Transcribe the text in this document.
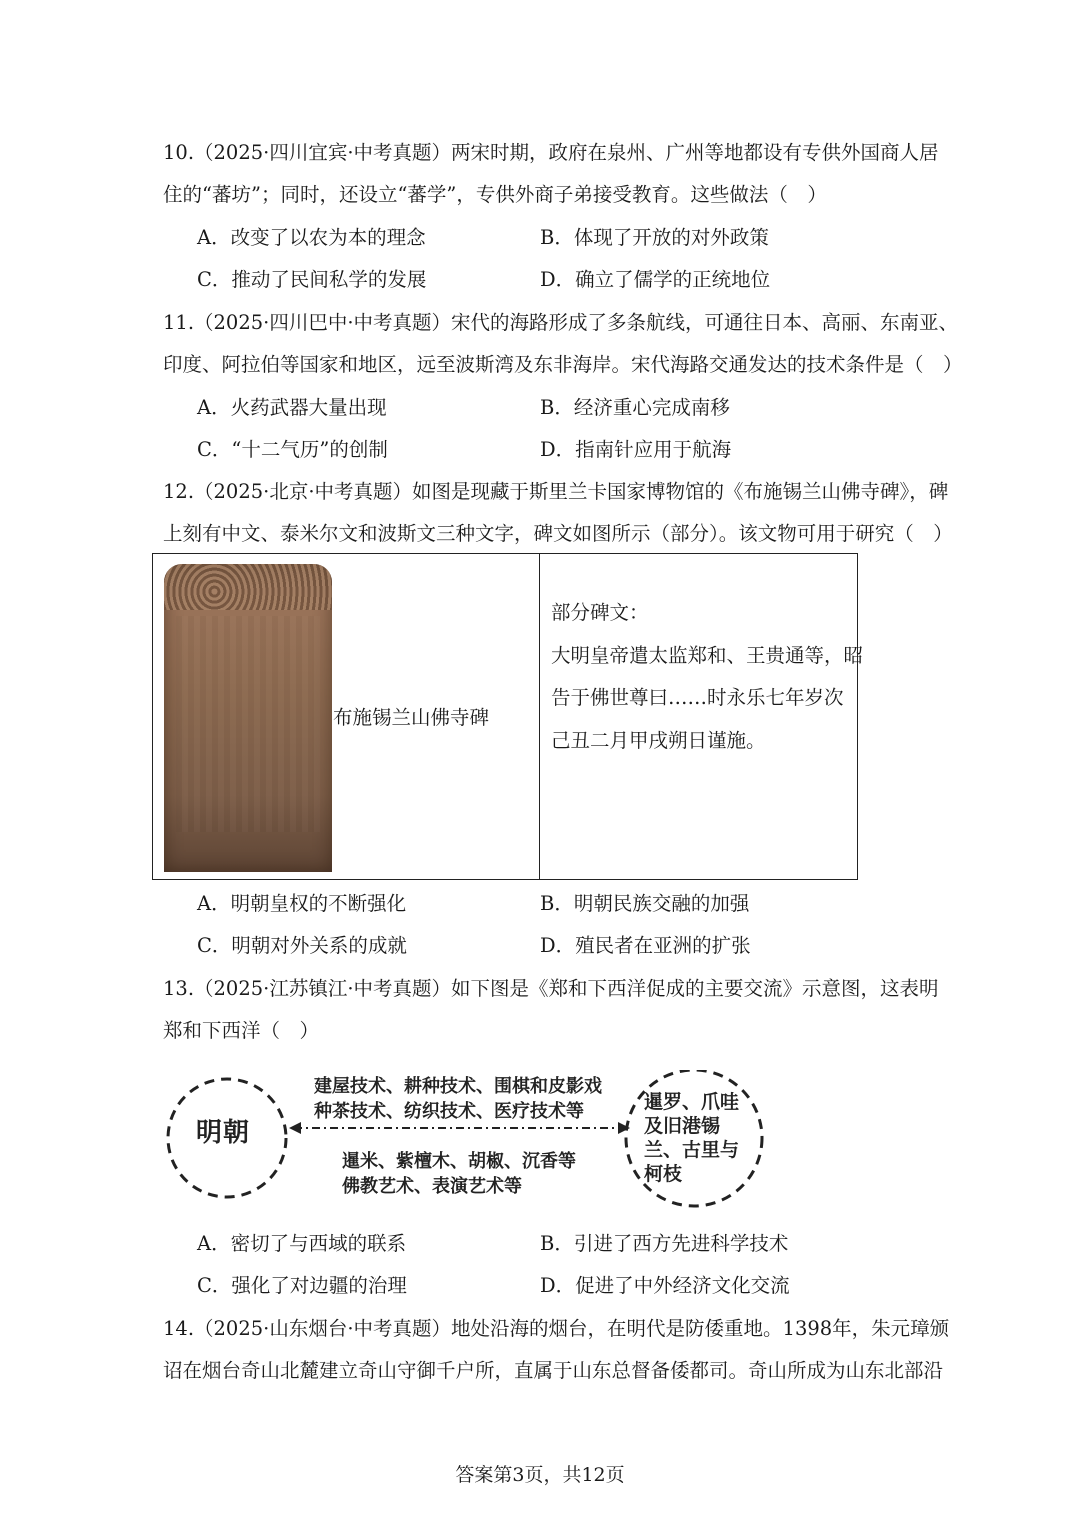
10.（2025·四川宜宾·中考真题）两宋时期，政府在泉州、广州等地都设有专供外国商人居
住的“蕃坊”；同时，还设立“蕃学”，专供外商子弟接受教育。这些做法（　）
A．改变了以农为本的理念	B．体现了开放的对外政策
C．推动了民间私学的发展	D．确立了儒学的正统地位
11.（2025·四川巴中·中考真题）宋代的海路形成了多条航线，可通往日本、高丽、东南亚、
印度、阿拉伯等国家和地区，远至波斯湾及东非海岸。宋代海路交通发达的技术条件是（　）
A．火药武器大量出现	B．经济重心完成南移
C．“十二气历”的创制	D．指南针应用于航海
12.（2025·北京·中考真题）如图是现藏于斯里兰卡国家博物馆的《布施锡兰山佛寺碑》，碑
上刻有中文、泰米尔文和波斯文三种文字，碑文如图所示（部分）。该文物可用于研究（　）
布施锡兰山佛寺碑
部分碑文：
大明皇帝遣太监郑和、王贵通等，昭
告于佛世尊曰……时永乐七年岁次
己丑二月甲戌朔日谨施。
A．明朝皇权的不断强化	B．明朝民族交融的加强
C．明朝对外关系的成就	D．殖民者在亚洲的扩张
13.（2025·江苏镇江·中考真题）如下图是《郑和下西洋促成的主要交流》示意图，这表明
郑和下西洋（　）
明朝
暹罗、爪哇及旧港锡兰、古里与柯枝
建屋技术、耕种技术、围棋和皮影戏
种茶技术、纺织技术、医疗技术等
暹米、紫檀木、胡椒、沉香等
佛教艺术、表演艺术等
A．密切了与西域的联系	B．引进了西方先进科学技术
C．强化了对边疆的治理	D．促进了中外经济文化交流
14.（2025·山东烟台·中考真题）地处沿海的烟台，在明代是防倭重地。1398年，朱元璋颁
诏在烟台奇山北麓建立奇山守御千户所，直属于山东总督备倭都司。奇山所成为山东北部沿
答案第3页，共12页
